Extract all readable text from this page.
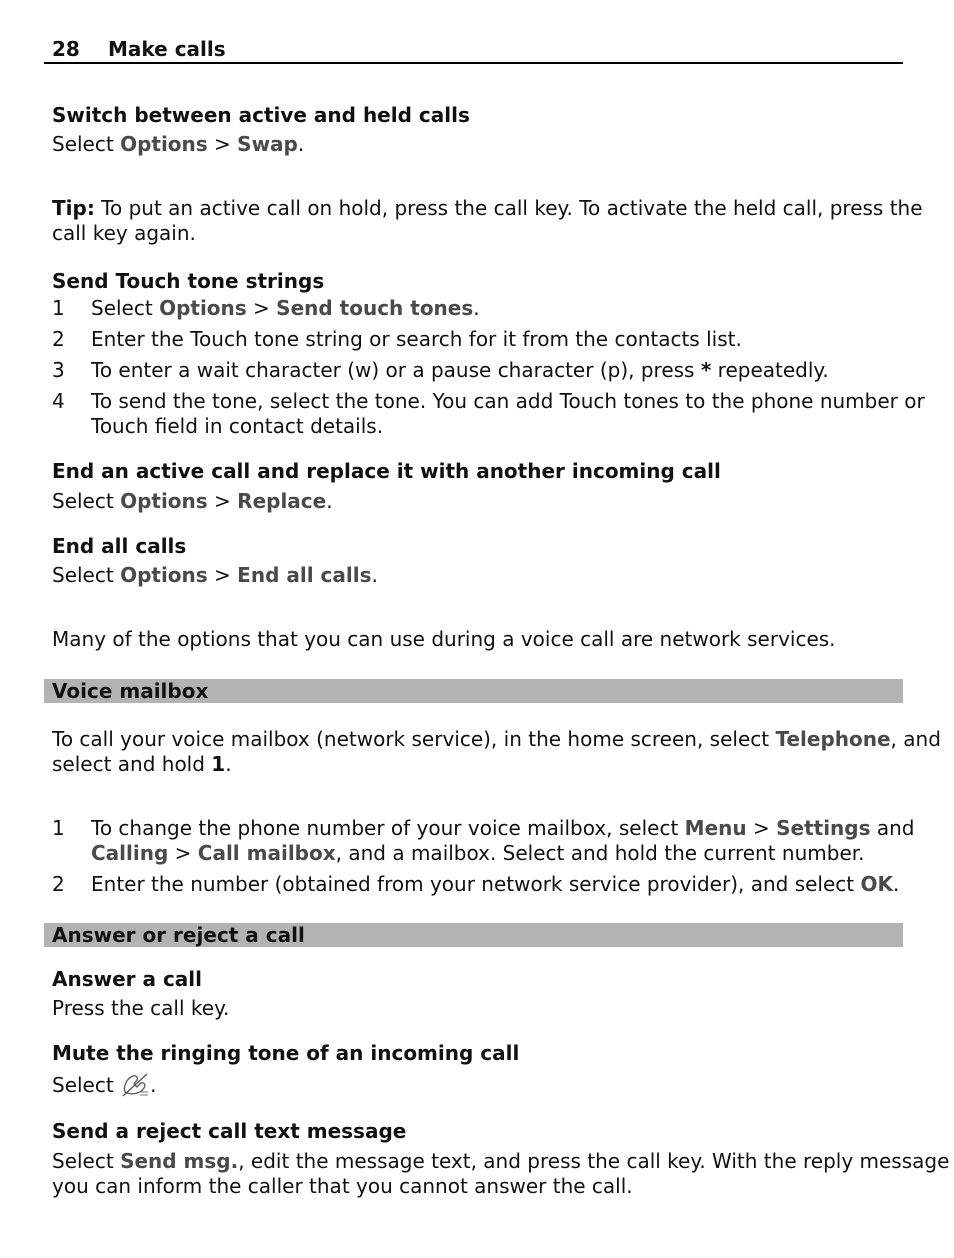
28 Make calls
Switch between active and held calls
Select Options > Swap.
Tip: To put an active call on hold, press the call key. To activate the held call, press the
call key again.
Send Touch tone strings
1 Select Options > Send touch tones.
2 Enter the Touch tone string or search for it from the contacts list.
3 To enter a wait character (w) or a pause character (p), press * repeatedly.
4 To send the tone, select the tone. You can add Touch tones to the phone number or
Touch field in contact details.
End an active call and replace it with another incoming call
Select Options > Replace.
End all calls
Select Options > End all calls.
Many of the options that you can use during a voice call are network services.
Voice mailbox
To call your voice mailbox (network service), in the home screen, select Telephone, and
select and hold 1.
1 To change the phone number of your voice mailbox, select Menu > Settings and
Calling > Call mailbox, and a mailbox. Select and hold the current number.
2 Enter the number (obtained from your network service provider), and select OK.
Answer or reject a call
Answer a call
Press the call key.
Mute the ringing tone of an incoming call
Select .
Send a reject call text message
Select Send msg., edit the message text, and press the call key. With the reply message
you can inform the caller that you cannot answer the call.
